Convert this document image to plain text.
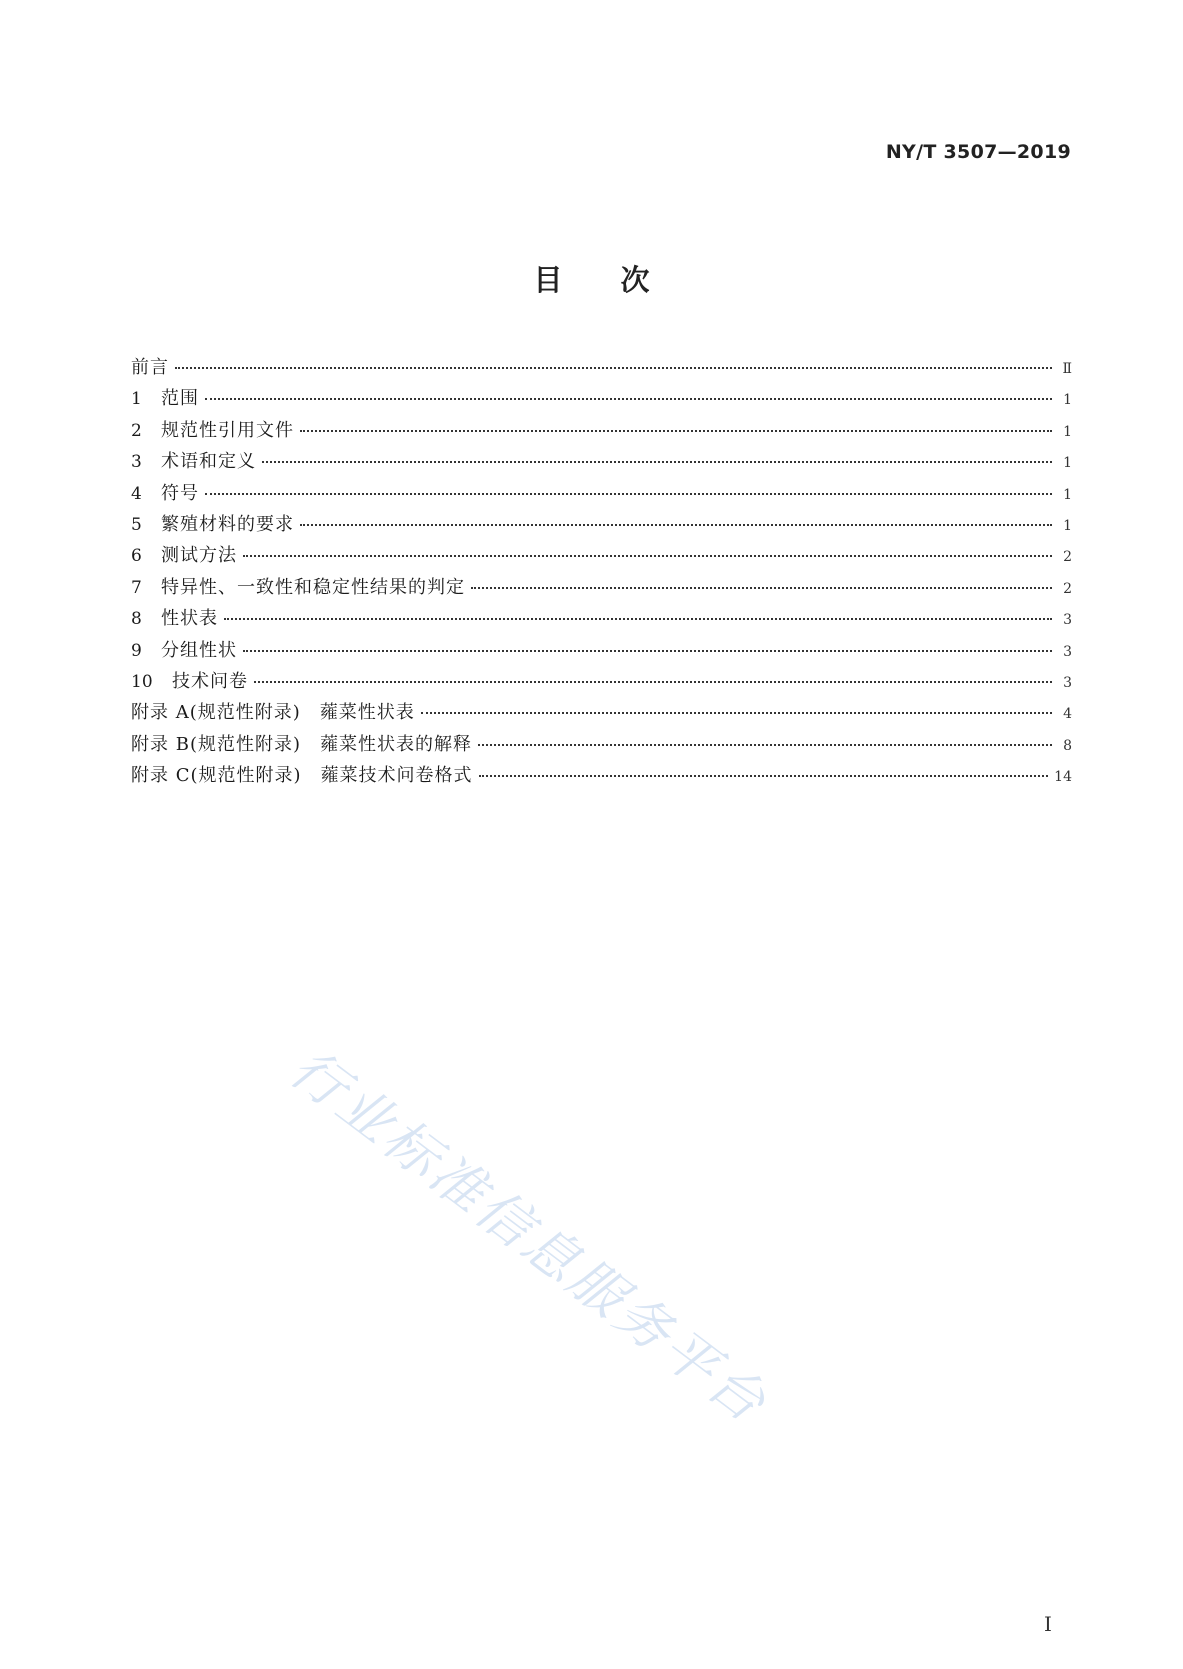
NY/T 3507—2019
目 次
前言	Ⅱ
1	范围	1
2	规范性引用文件	1
3	术语和定义	1
4	符号	1
5	繁殖材料的要求	1
6	测试方法	2
7	特异性、一致性和稳定性结果的判定	2
8	性状表	3
9	分组性状	3
10	技术问卷	3
附录 A(规范性附录)　蕹菜性状表	4
附录 B(规范性附录)　蕹菜性状表的解释	8
附录 C(规范性附录)　蕹菜技术问卷格式	14
行业标准信息服务平台
I
